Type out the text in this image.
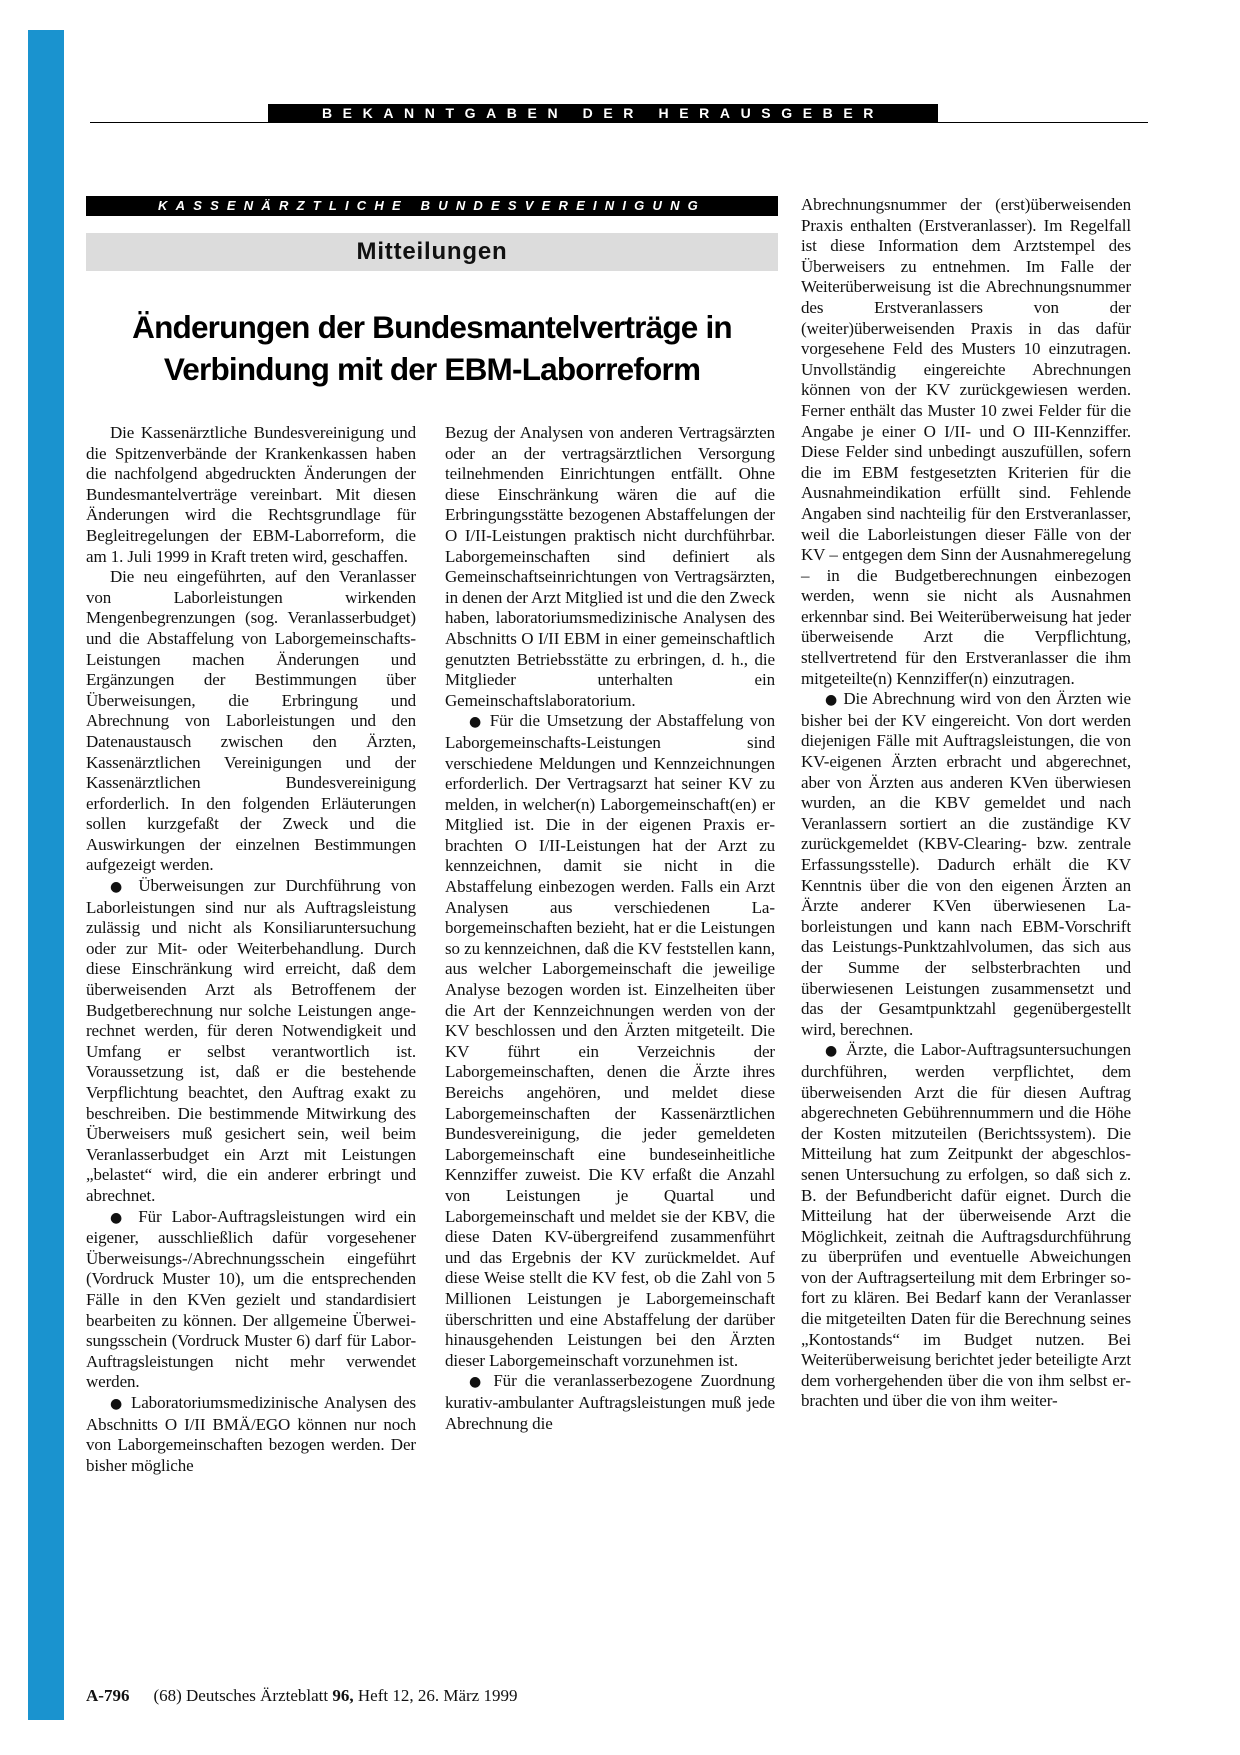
BEKANNTGABEN DER HERAUSGEBER
KASSENÄRZTLICHE BUNDESVEREINIGUNG
Mitteilungen
Änderungen der Bundesmantelverträge in
Verbindung mit der EBM-Laborreform

Die Kassenärztliche Bundesvereinigung und die Spitzenverbände der Krankenkassen haben die nachfolgend abgedruckten Änderungen der Bundesmantelverträge vereinbart. Mit diesen Änderungen wird die Rechtsgrundlage für Begleitregelungen der EBM-Laborreform, die am 1. Juli 1999 in Kraft treten wird, geschaffen.

Die neu eingeführten, auf den Veranlasser von Laborleistungen wirkenden Mengenbegrenzungen (sog. Veranlasserbudget) und die Abstaffelung von Laborgemeinschafts-Leistungen machen Änderungen und Ergänzungen der Bestimmungen über Überweisungen, die Erbringung und Abrechnung von Laborleistungen und den Datenaustausch zwischen den Ärzten, Kassenärztlichen Vereinigungen und der Kassenärztlichen Bundesvereinigung erforderlich. In den folgenden Erläuterungen sollen kurzgefaßt der Zweck und die Auswirkungen der einzelnen Bestimmungen aufgezeigt werden.

● Überweisungen zur Durchführung von Laborleistungen sind nur als Auftragsleistung zulässig und nicht als Konsiliaruntersuchung oder zur Mit- oder Weiterbehandlung. Durch diese Einschränkung wird erreicht, daß dem überweisenden Arzt als Betroffenem der Budgetberechnung nur solche Leistungen angerechnet werden, für deren Notwendigkeit und Umfang er selbst verantwortlich ist. Voraussetzung ist, daß er die bestehende Verpflichtung beachtet, den Auftrag exakt zu beschreiben. Die bestimmende Mitwirkung des Überweisers muß gesichert sein, weil beim Veranlasserbudget ein Arzt mit Leistungen „belastet“ wird, die ein anderer erbringt und abrechnet.

● Für Labor-Auftragsleistungen wird ein eigener, ausschließlich dafür vorgesehener Überweisungs-/Abrechnungsschein eingeführt (Vordruck Muster 10), um die entsprechenden Fälle in den KVen gezielt und standardisiert bearbeiten zu können. Der allgemeine Überweisungsschein (Vordruck Muster 6) darf für Labor-Auftragsleistungen nicht mehr verwendet werden.

● Laboratoriumsmedizinische Analysen des Abschnitts O I/II BMÄ/EGO können nur noch von Laborgemeinschaften bezogen werden. Der bisher mögliche

Bezug der Analysen von anderen Vertragsärzten oder an der vertragsärztlichen Versorgung teilnehmenden Einrichtungen entfällt. Ohne diese Einschränkung wären die auf die Erbringungsstätte bezogenen Abstaffelungen der O I/II-Leistungen praktisch nicht durchführbar. Laborgemeinschaften sind definiert als Gemeinschaftseinrichtungen von Vertragsärzten, in denen der Arzt Mitglied ist und die den Zweck haben, laboratoriumsmedizinische Analysen des Abschnitts O I/II EBM in einer gemeinschaftlich genutzten Betriebsstätte zu erbringen, d. h., die Mitglieder unterhalten ein Gemeinschaftslaboratorium.

● Für die Umsetzung der Abstaffelung von Laborgemeinschafts-Leistungen sind verschiedene Meldungen und Kennzeichnungen erforderlich. Der Vertragsarzt hat seiner KV zu melden, in welcher(n) Laborgemeinschaft(en) er Mitglied ist. Die in der eigenen Praxis erbrachten O I/II-Leistungen hat der Arzt zu kennzeichnen, damit sie nicht in die Abstaffelung einbezogen werden. Falls ein Arzt Analysen aus verschiedenen Laborgemeinschaften bezieht, hat er die Leistungen so zu kennzeichnen, daß die KV feststellen kann, aus welcher Laborgemeinschaft die jeweilige Analyse bezogen worden ist. Einzelheiten über die Art der Kennzeichnungen werden von der KV beschlossen und den Ärzten mitgeteilt. Die KV führt ein Verzeichnis der Laborgemeinschaften, denen die Ärzte ihres Bereichs angehören, und meldet diese Laborgemeinschaften der Kassenärztlichen Bundesvereinigung, die jeder gemeldeten Laborgemeinschaft eine bundeseinheitliche Kennziffer zuweist. Die KV erfaßt die Anzahl von Leistungen je Quartal und Laborgemeinschaft und meldet sie der KBV, die diese Daten KV-übergreifend zusammenführt und das Ergebnis der KV zurückmeldet. Auf diese Weise stellt die KV fest, ob die Zahl von 5 Millionen Leistungen je Laborgemeinschaft überschritten und eine Abstaffelung der darüber hinausgehenden Leistungen bei den Ärzten dieser Laborgemeinschaft vorzunehmen ist.

● Für die veranlasserbezogene Zuordnung kurativ-ambulanter Auftragsleistungen muß jede Abrechnung die

Abrechnungsnummer der (erst)überweisenden Praxis enthalten (Erstveranlasser). Im Regelfall ist diese Information dem Arztstempel des Überweisers zu entnehmen. Im Falle der Weiterüberweisung ist die Abrechnungsnummer des Erstveranlassers von der (weiter)überweisenden Praxis in das dafür vorgesehene Feld des Musters 10 einzutragen. Unvollständig eingereichte Abrechnungen können von der KV zurückgewiesen werden. Ferner enthält das Muster 10 zwei Felder für die Angabe je einer O I/II- und O III-Kennziffer. Diese Felder sind unbedingt auszufüllen, sofern die im EBM festgesetzten Kriterien für die Ausnahmeindikation erfüllt sind. Fehlende Angaben sind nachteilig für den Erstveranlasser, weil die Laborleistungen dieser Fälle von der KV – entgegen dem Sinn der Ausnahmeregelung – in die Budgetberechnungen einbezogen werden, wenn sie nicht als Ausnahmen erkennbar sind. Bei Weiterüberweisung hat jeder überweisende Arzt die Verpflichtung, stellvertretend für den Erstveranlasser die ihm mitgeteilte(n) Kennziffer(n) einzutragen.

● Die Abrechnung wird von den Ärzten wie bisher bei der KV eingereicht. Von dort werden diejenigen Fälle mit Auftragsleistungen, die von KV-eigenen Ärzten erbracht und abgerechnet, aber von Ärzten aus anderen KVen überwiesen wurden, an die KBV gemeldet und nach Veranlassern sortiert an die zuständige KV zurückgemeldet (KBV-Clearing- bzw. zentrale Erfassungsstelle). Dadurch erhält die KV Kenntnis über die von den eigenen Ärzten an Ärzte anderer KVen überwiesenen Laborleistungen und kann nach EBM-Vorschrift das Leistungs-Punktzahlvolumen, das sich aus der Summe der selbsterbrachten und überwiesenen Leistungen zusammensetzt und das der Gesamtpunktzahl gegenübergestellt wird, berechnen.

● Ärzte, die Labor-Auftragsuntersuchungen durchführen, werden verpflichtet, dem überweisenden Arzt die für diesen Auftrag abgerechneten Gebührennummern und die Höhe der Kosten mitzuteilen (Berichtssystem). Die Mitteilung hat zum Zeitpunkt der abgeschlossenen Untersuchung zu erfolgen, so daß sich z. B. der Befundbericht dafür eignet. Durch die Mitteilung hat der überweisende Arzt die Möglichkeit, zeitnah die Auftragsdurchführung zu überprüfen und eventuelle Abweichungen von der Auftragserteilung mit dem Erbringer sofort zu klären. Bei Bedarf kann der Veranlasser die mitgeteilten Daten für die Berechnung seines „Kontostands“ im Budget nutzen. Bei Weiterüberweisung berichtet jeder beteiligte Arzt dem vorhergehenden über die von ihm selbst erbrachten und über die von ihm weiter-

A-796 (68) Deutsches Ärzteblatt 96, Heft 12, 26. März 1999
